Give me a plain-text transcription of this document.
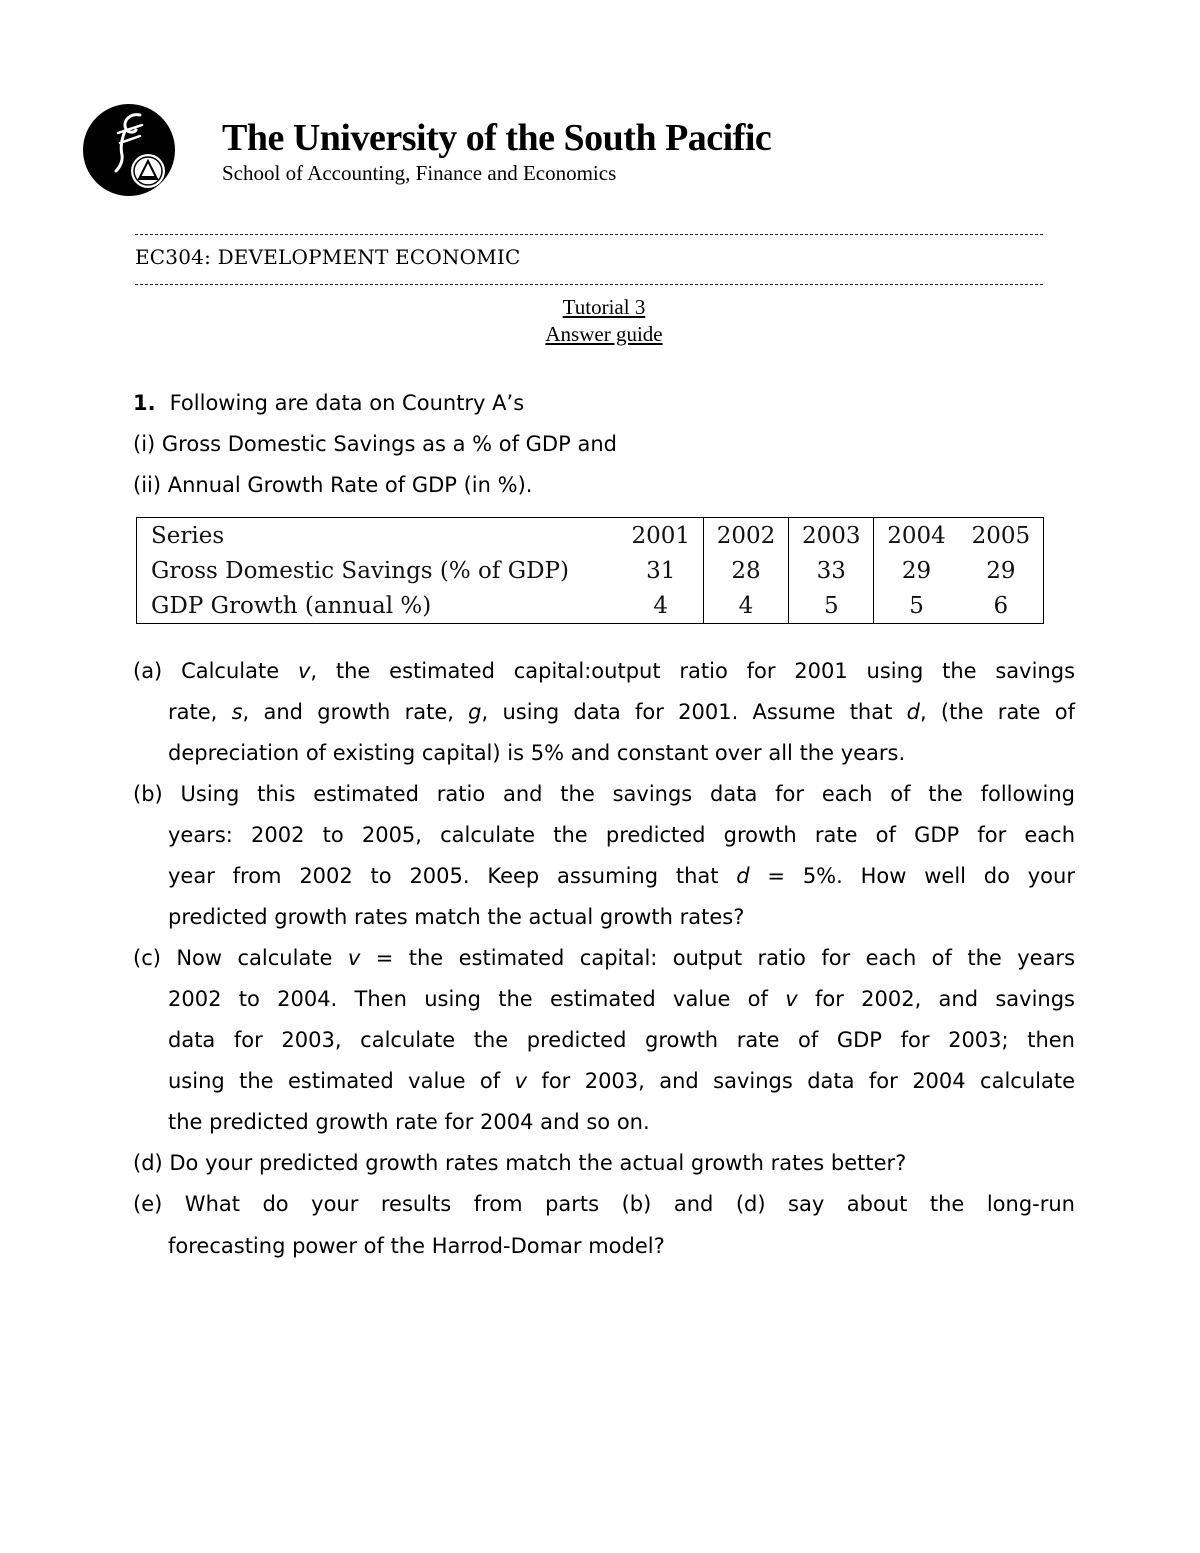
The University of the South Pacific
School of Accounting, Finance and Economics
EC304: DEVELOPMENT ECONOMIC
Tutorial 3
Answer guide
1. Following are data on Country A’s
(i) Gross Domestic Savings as a % of GDP and
(ii) Annual Growth Rate of GDP (in %).
Series	2001	2002	2003	2004	2005
Gross Domestic Savings (% of GDP)	31	28	33	29	29
GDP Growth (annual %)	4	4	5	5	6
(a) Calculate v, the estimated capital:output ratio for 2001 using the savings
rate, s, and growth rate, g, using data for 2001. Assume that d, (the rate of
depreciation of existing capital) is 5% and constant over all the years.
(b) Using this estimated ratio and the savings data for each of the following
years: 2002 to 2005, calculate the predicted growth rate of GDP for each
year from 2002 to 2005. Keep assuming that d = 5%. How well do your
predicted growth rates match the actual growth rates?
(c) Now calculate v = the estimated capital: output ratio for each of the years
2002 to 2004. Then using the estimated value of v for 2002, and savings
data for 2003, calculate the predicted growth rate of GDP for 2003; then
using the estimated value of v for 2003, and savings data for 2004 calculate
the predicted growth rate for 2004 and so on.
(d) Do your predicted growth rates match the actual growth rates better?
(e) What do your results from parts (b) and (d) say about the long-run
forecasting power of the Harrod-Domar model?
